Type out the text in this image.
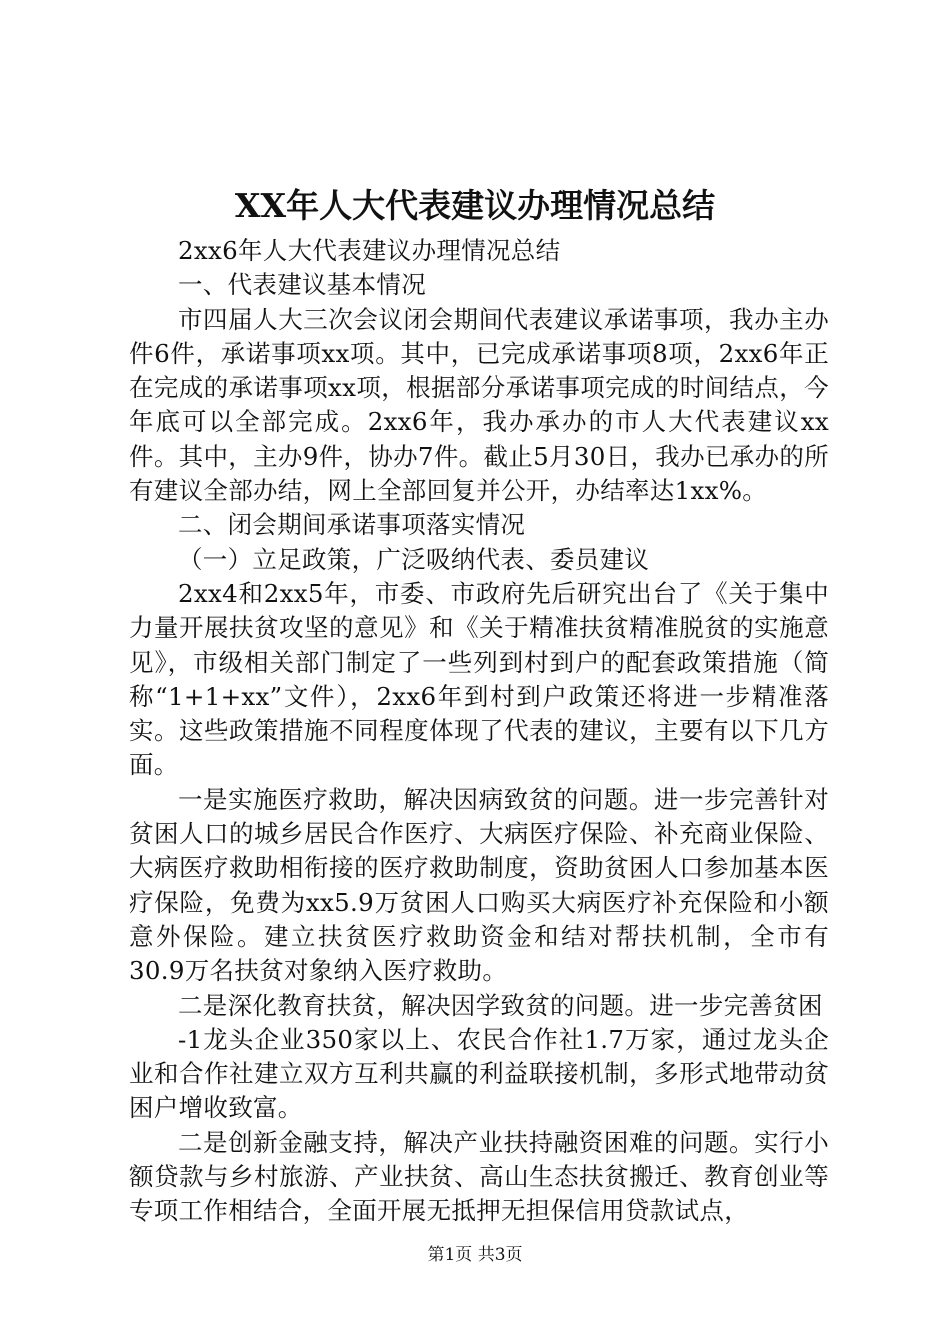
XX年人大代表建议办理情况总结

2xx6年人大代表建议办理情况总结

一、代表建议基本情况

市四届人大三次会议闭会期间代表建议承诺事项，我办主办件6件，承诺事项xx项。其中，已完成承诺事项8项，2xx6年正在完成的承诺事项xx项，根据部分承诺事项完成的时间结点，今年底可以全部完成。2xx6年，我办承办的市人大代表建议xx件。其中，主办9件，协办7件。截止5月30日，我办已承办的所有建议全部办结，网上全部回复并公开，办结率达1xx%。

二、闭会期间承诺事项落实情况

（一）立足政策，广泛吸纳代表、委员建议

2xx4和2xx5年，市委、市政府先后研究出台了《关于集中力量开展扶贫攻坚的意见》和《关于精准扶贫精准脱贫的实施意见》，市级相关部门制定了一些列到村到户的配套政策措施（简称“1+1+xx”文件），2xx6年到村到户政策还将进一步精准落实。这些政策措施不同程度体现了代表的建议，主要有以下几方面。

一是实施医疗救助，解决因病致贫的问题。进一步完善针对贫困人口的城乡居民合作医疗、大病医疗保险、补充商业保险、大病医疗救助相衔接的医疗救助制度，资助贫困人口参加基本医疗保险，免费为xx5.9万贫困人口购买大病医疗补充保险和小额意外保险。建立扶贫医疗救助资金和结对帮扶机制，全市有30.9万名扶贫对象纳入医疗救助。

二是深化教育扶贫，解决因学致贫的问题。进一步完善贫困

-1龙头企业350家以上、农民合作社1.7万家，通过龙头企业和合作社建立双方互利共赢的利益联接机制，多形式地带动贫困户增收致富。

二是创新金融支持，解决产业扶持融资困难的问题。实行小额贷款与乡村旅游、产业扶贫、高山生态扶贫搬迁、教育创业等专项工作相结合，全面开展无抵押无担保信用贷款试点，

第1页 共3页
